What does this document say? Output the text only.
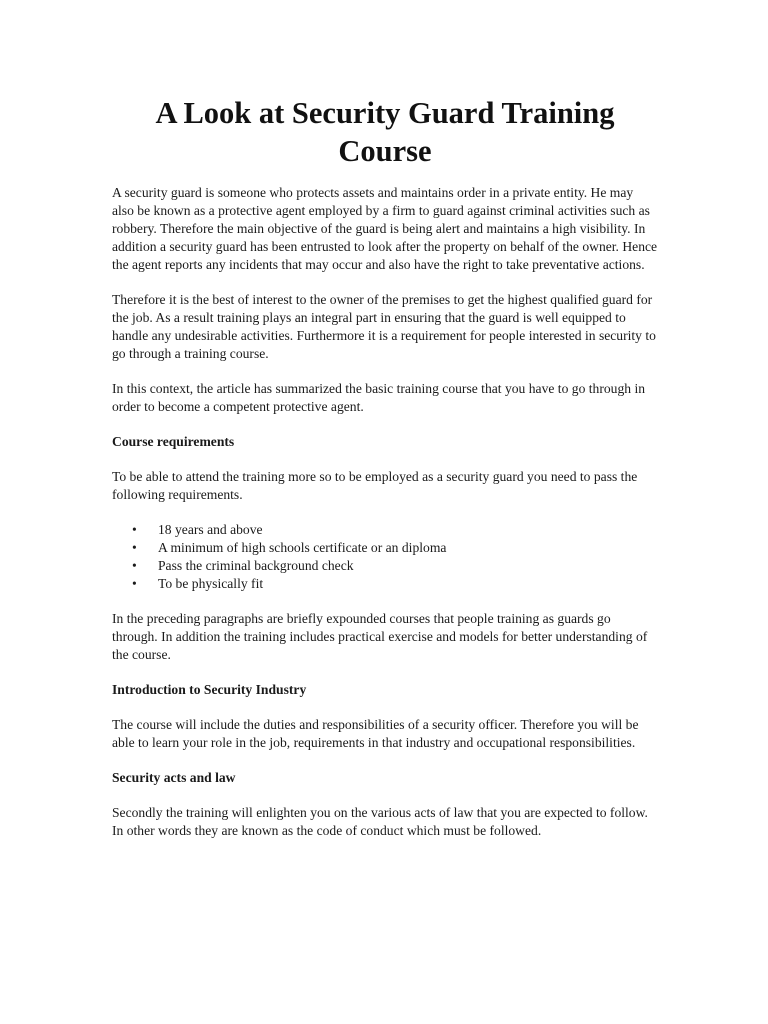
A Look at Security Guard Training Course

A security guard is someone who protects assets and maintains order in a private entity. He may also be known as a protective agent employed by a firm to guard against criminal activities such as robbery. Therefore the main objective of the guard is being alert and maintains a high visibility. In addition a security guard has been entrusted to look after the property on behalf of the owner. Hence the agent reports any incidents that may occur and also have the right to take preventative actions.

Therefore it is the best of interest to the owner of the premises to get the highest qualified guard for the job. As a result training plays an integral part in ensuring that the guard is well equipped to handle any undesirable activities. Furthermore it is a requirement for people interested in security to go through a training course.

In this context, the article has summarized the basic training course that you have to go through in order to become a competent protective agent.

Course requirements

To be able to attend the training more so to be employed as a security guard you need to pass the following requirements.

• 18 years and above
• A minimum of high schools certificate or an diploma
• Pass the criminal background check
• To be physically fit

In the preceding paragraphs are briefly expounded courses that people training as guards go through. In addition the training includes practical exercise and models for better understanding of the course.

Introduction to Security Industry

The course will include the duties and responsibilities of a security officer. Therefore you will be able to learn your role in the job, requirements in that industry and occupational responsibilities.

Security acts and law

Secondly the training will enlighten you on the various acts of law that you are expected to follow. In other words they are known as the code of conduct which must be followed.
